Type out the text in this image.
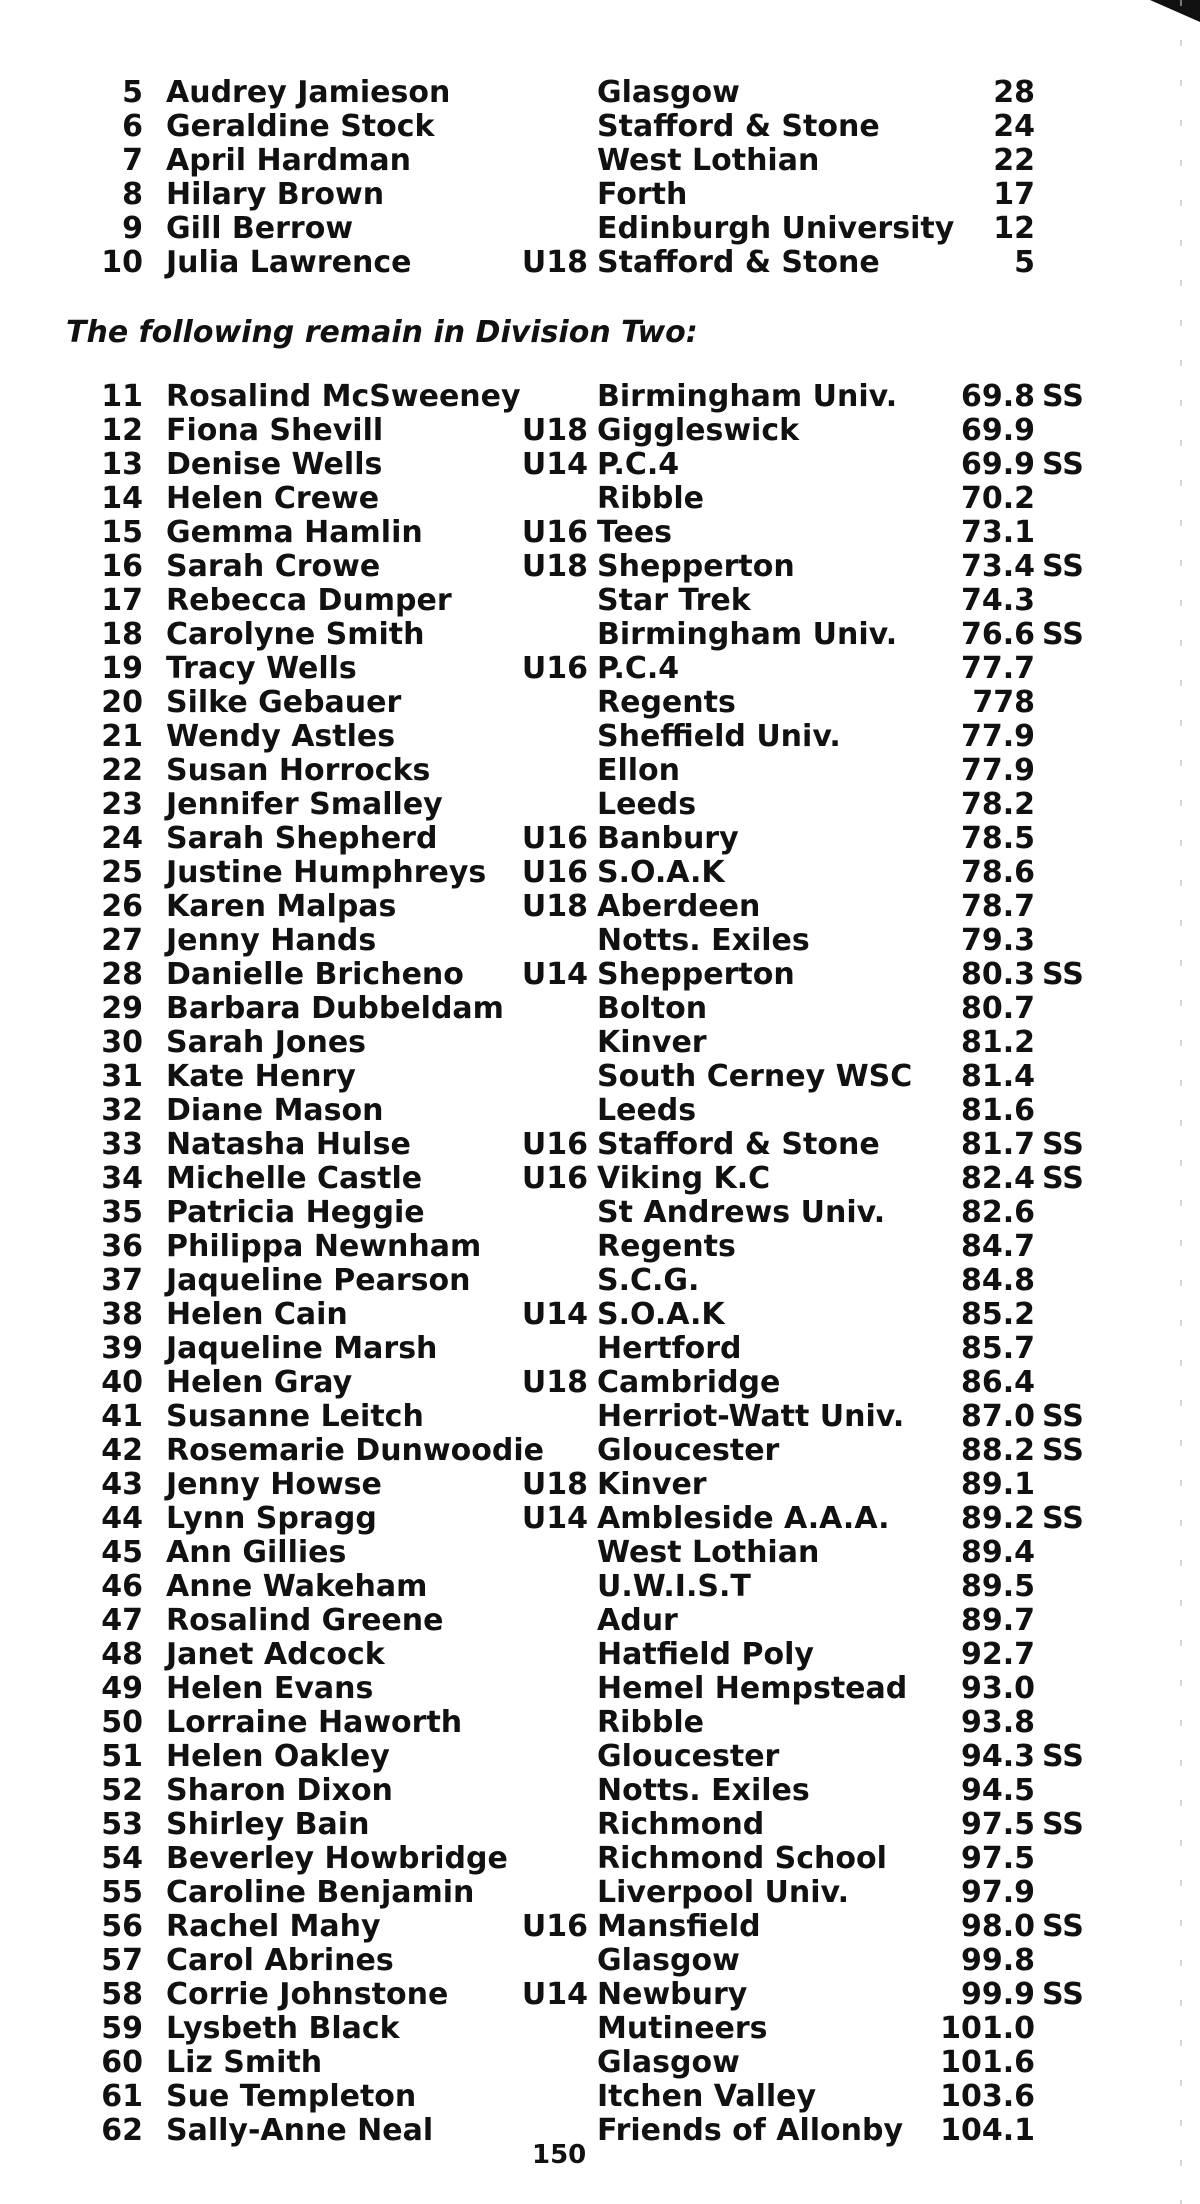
5 Audrey Jamieson	Glasgow	28
6 Geraldine Stock	Stafford & Stone	24
7 April Hardman	West Lothian	22
8 Hilary Brown	Forth	17
9 Gill Berrow	Edinburgh University 12
10 Julia Lawrence	U18 Stafford & Stone	5
The following remain in Division Two:
11 Rosalind McSweeney	Birmingham Univ. 69.8 SS
12 Fiona Shevill	U18 Giggleswick	69.9
13 Denise Wells	U14 P.C.4	69.9 SS
14 Helen Crewe	Ribble	70.2
15 Gemma Hamlin	U16 Tees	73.1
16 Sarah Crowe	U18 Shepperton	73.4 SS
17 Rebecca Dumper	Star Trek	74.3
18 Carolyne Smith	Birmingham Univ. 76.6 SS
19 Tracy Wells	U16 P.C.4	77.7
20 Silke Gebauer	Regents	778
21 Wendy Astles	Sheffield Univ.	77.9
22 Susan Horrocks	Ellon	77.9
23 Jennifer Smalley	Leeds	78.2
24 Sarah Shepherd	U16 Banbury	78.5
25 Justine Humphreys U16 S.O.A.K	78.6
26 Karen Malpas	U18 Aberdeen	78.7
27 Jenny Hands	Notts. Exiles	79.3
28 Danielle Bricheno U14 Shepperton	80.3 SS
29 Barbara Dubbeldam	Bolton	80.7
30 Sarah Jones	Kinver	81.2
31 Kate Henry	South Cerney WSC 81.4
32 Diane Mason	Leeds	81.6
33 Natasha Hulse	U16 Stafford & Stone	81.7 SS
34 Michelle Castle	U16 Viking K.C	82.4 SS
35 Patricia Heggie	St Andrews Univ.	82.6
36 Philippa Newnham	Regents	84.7
37 Jaqueline Pearson	S.C.G.	84.8
38 Helen Cain	U14 S.O.A.K	85.2
39 Jaqueline Marsh	Hertford	85.7
40 Helen Gray	U18 Cambridge	86.4
41 Susanne Leitch	Herriot-Watt Univ. 87.0 SS
42 Rosemarie Dunwoodie Gloucester	88.2 SS
43 Jenny Howse	U18 Kinver	89.1
44 Lynn Spragg	U14 Ambleside A.A.A. 89.2 SS
45 Ann Gillies	West Lothian	89.4
46 Anne Wakeham	U.W.I.S.T	89.5
47 Rosalind Greene	Adur	89.7
48 Janet Adcock	Hatfield Poly	92.7
49 Helen Evans	Hemel Hempstead 93.0
50 Lorraine Haworth	Ribble	93.8
51 Helen Oakley	Gloucester	94.3 SS
52 Sharon Dixon	Notts. Exiles	94.5
53 Shirley Bain	Richmond	97.5 SS
54 Beverley Howbridge	Richmond School 97.5
55 Caroline Benjamin	Liverpool Univ.	97.9
56 Rachel Mahy	U16 Mansfield	98.0 SS
57 Carol Abrines	Glasgow	99.8
58 Corrie Johnstone U14 Newbury	99.9 SS
59 Lysbeth Black	Mutineers	101.0
60 Liz Smith	Glasgow	101.6
61 Sue Templeton	Itchen Valley	103.6
62 Sally-Anne Neal	Friends of Allonby 104.1
150
